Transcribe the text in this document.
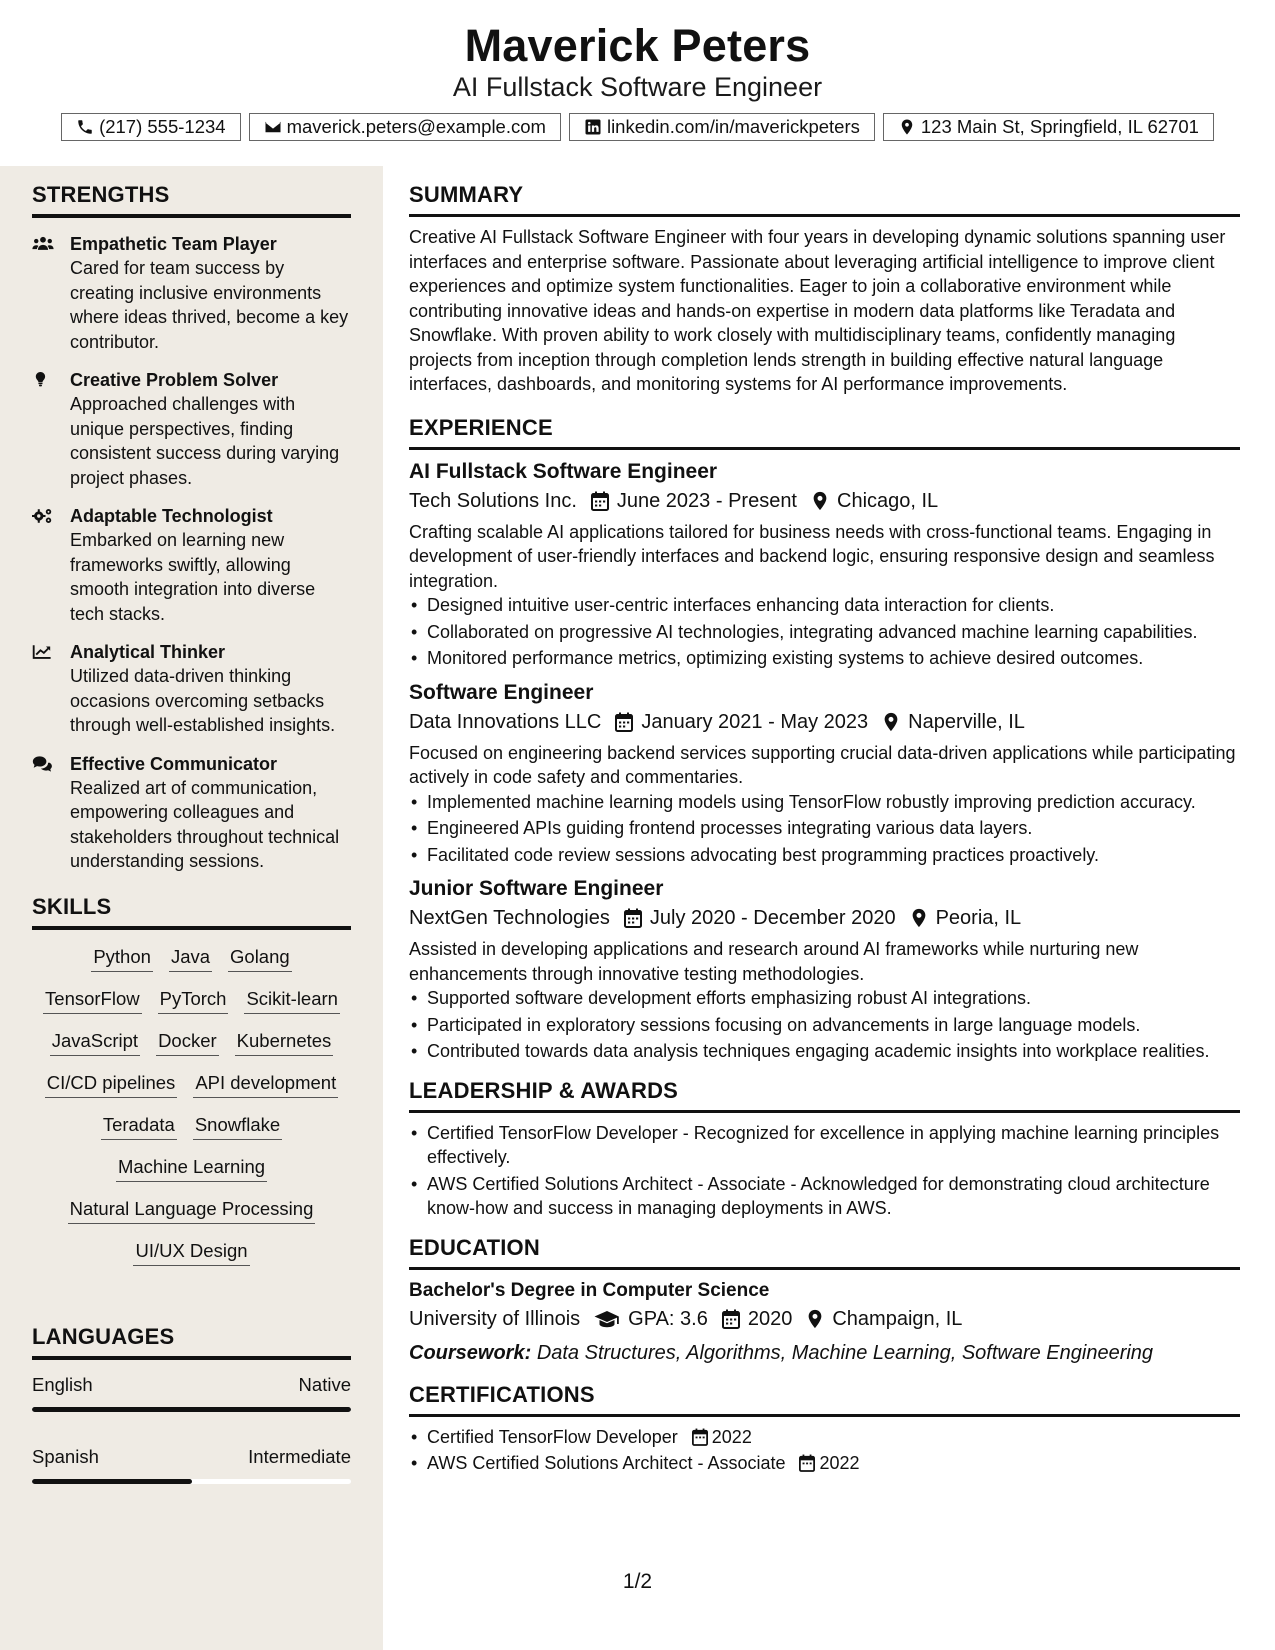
Maverick Peters
AI Fullstack Software Engineer
(217) 555-1234	maverick.peters@example.com	linkedin.com/in/maverickpeters	123 Main St, Springfield, IL 62701
STRENGTHS
Empathetic Team Player
Cared for team success by creating inclusive environments where ideas thrived, become a key contributor.
Creative Problem Solver
Approached challenges with unique perspectives, finding consistent success during varying project phases.
Adaptable Technologist
Embarked on learning new frameworks swiftly, allowing smooth integration into diverse tech stacks.
Analytical Thinker
Utilized data-driven thinking occasions overcoming setbacks through well-established insights.
Effective Communicator
Realized art of communication, empowering colleagues and stakeholders throughout technical understanding sessions.
SKILLS
Python Java Golang
TensorFlow PyTorch Scikit-learn
JavaScript Docker Kubernetes
CI/CD pipelines API development
Teradata Snowflake
Machine Learning
Natural Language Processing
UI/UX Design
LANGUAGES
English	Native
Spanish	Intermediate
SUMMARY
Creative AI Fullstack Software Engineer with four years in developing dynamic solutions spanning user interfaces and enterprise software. Passionate about leveraging artificial intelligence to improve client experiences and optimize system functionalities. Eager to join a collaborative environment while contributing innovative ideas and hands-on expertise in modern data platforms like Teradata and Snowflake. With proven ability to work closely with multidisciplinary teams, confidently managing projects from inception through completion lends strength in building effective natural language interfaces, dashboards, and monitoring systems for AI performance improvements.
EXPERIENCE
AI Fullstack Software Engineer
Tech Solutions Inc. June 2023 - Present Chicago, IL
Crafting scalable AI applications tailored for business needs with cross-functional teams. Engaging in development of user-friendly interfaces and backend logic, ensuring responsive design and seamless integration.
• Designed intuitive user-centric interfaces enhancing data interaction for clients.
• Collaborated on progressive AI technologies, integrating advanced machine learning capabilities.
• Monitored performance metrics, optimizing existing systems to achieve desired outcomes.
Software Engineer
Data Innovations LLC January 2021 - May 2023 Naperville, IL
Focused on engineering backend services supporting crucial data-driven applications while participating actively in code safety and commentaries.
• Implemented machine learning models using TensorFlow robustly improving prediction accuracy.
• Engineered APIs guiding frontend processes integrating various data layers.
• Facilitated code review sessions advocating best programming practices proactively.
Junior Software Engineer
NextGen Technologies July 2020 - December 2020 Peoria, IL
Assisted in developing applications and research around AI frameworks while nurturing new enhancements through innovative testing methodologies.
• Supported software development efforts emphasizing robust AI integrations.
• Participated in exploratory sessions focusing on advancements in large language models.
• Contributed towards data analysis techniques engaging academic insights into workplace realities.
LEADERSHIP & AWARDS
• Certified TensorFlow Developer - Recognized for excellence in applying machine learning principles effectively.
• AWS Certified Solutions Architect - Associate - Acknowledged for demonstrating cloud architecture know-how and success in managing deployments in AWS.
EDUCATION
Bachelor's Degree in Computer Science
University of Illinois GPA: 3.6 2020 Champaign, IL
Coursework: Data Structures, Algorithms, Machine Learning, Software Engineering
CERTIFICATIONS
• Certified TensorFlow Developer 2022
• AWS Certified Solutions Architect - Associate 2022
1/2
